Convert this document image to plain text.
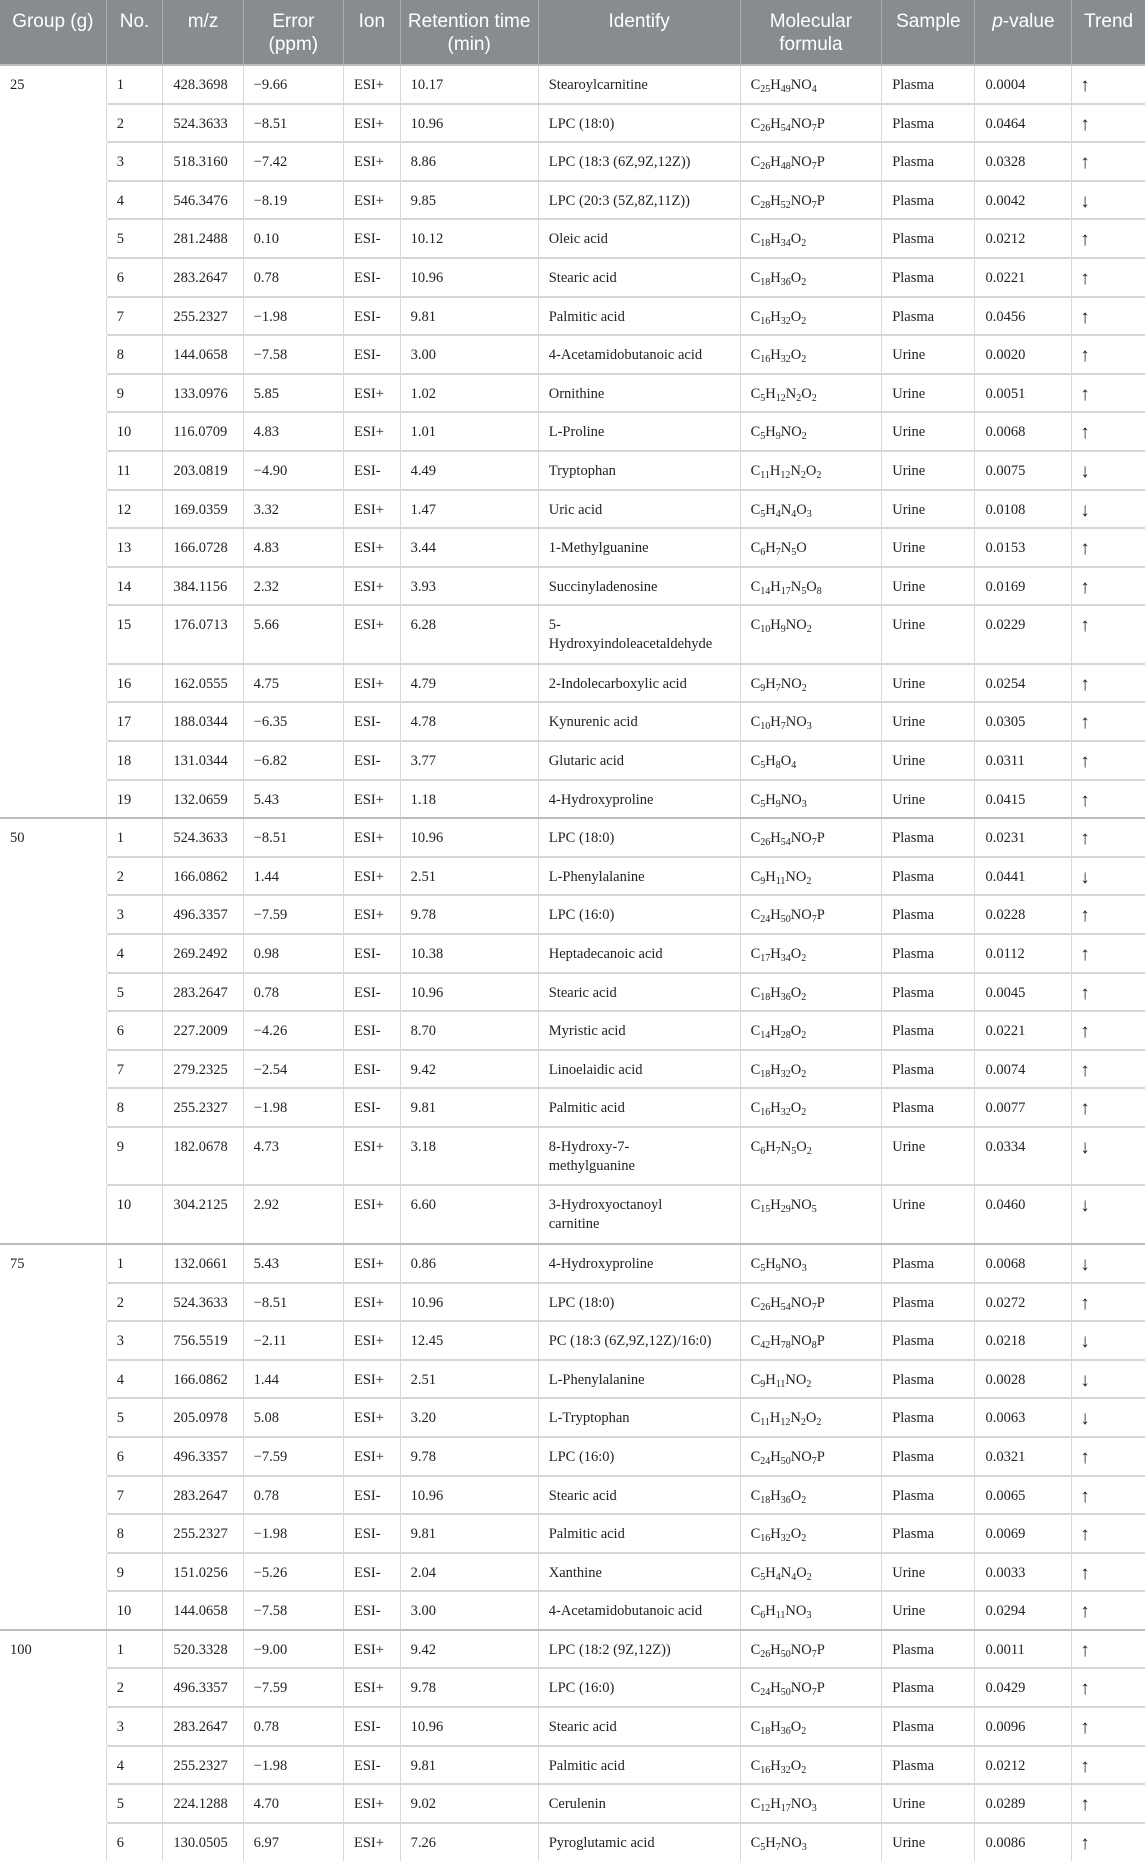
Group (g)	No.	m/z	Error (ppm)	Ion	Retention time (min)	Identify	Molecular formula	Sample	p-value	Trend
25	1	428.3698	−9.66	ESI+	10.17	Stearoylcarnitine	$C_{25}H_{49}NO_4$	Plasma	0.0004	↑
	2	524.3633	−8.51	ESI+	10.96	LPC (18:0)	$C_{26}H_{54}NO_7P$	Plasma	0.0464	↑
	3	518.3160	−7.42	ESI+	8.86	LPC (18:3 (6Z,9Z,12Z))	$C_{26}H_{48}NO_7P$	Plasma	0.0328	↑
	4	546.3476	−8.19	ESI+	9.85	LPC (20:3 (5Z,8Z,11Z))	$C_{28}H_{52}NO_7P$	Plasma	0.0042	↓
	5	281.2488	0.10	ESI-	10.12	Oleic acid	$C_{18}H_{34}O_2$	Plasma	0.0212	↑
	6	283.2647	0.78	ESI-	10.96	Stearic acid	$C_{18}H_{36}O_2$	Plasma	0.0221	↑
	7	255.2327	−1.98	ESI-	9.81	Palmitic acid	$C_{16}H_{32}O_2$	Plasma	0.0456	↑
	8	144.0658	−7.58	ESI-	3.00	4-Acetamidobutanoic acid	$C_{16}H_{32}O_2$	Urine	0.0020	↑
	9	133.0976	5.85	ESI+	1.02	Ornithine	$C_5H_{12}N_2O_2$	Urine	0.0051	↑
	10	116.0709	4.83	ESI+	1.01	L-Proline	$C_5H_9NO_2$	Urine	0.0068	↑
	11	203.0819	−4.90	ESI-	4.49	Tryptophan	$C_{11}H_{12}N_2O_2$	Urine	0.0075	↓
	12	169.0359	3.32	ESI+	1.47	Uric acid	$C_5H_4N_4O_3$	Urine	0.0108	↓
	13	166.0728	4.83	ESI+	3.44	1-Methylguanine	$C_6H_7N_5O$	Urine	0.0153	↑
	14	384.1156	2.32	ESI+	3.93	Succinyladenosine	$C_{14}H_{17}N_5O_8$	Urine	0.0169	↑
	15	176.0713	5.66	ESI+	6.28	5-
Hydroxyindoleacetaldehyde	$C_{10}H_9NO_2$	Urine	0.0229	↑
	16	162.0555	4.75	ESI+	4.79	2-Indolecarboxylic acid	$C_9H_7NO_2$	Urine	0.0254	↑
	17	188.0344	−6.35	ESI-	4.78	Kynurenic acid	$C_{10}H_7NO_3$	Urine	0.0305	↑
	18	131.0344	−6.82	ESI-	3.77	Glutaric acid	$C_5H_8O_4$	Urine	0.0311	↑
	19	132.0659	5.43	ESI+	1.18	4-Hydroxyproline	$C_5H_9NO_3$	Urine	0.0415	↑
50	1	524.3633	−8.51	ESI+	10.96	LPC (18:0)	$C_{26}H_{54}NO_7P$	Plasma	0.0231	↑
	2	166.0862	1.44	ESI+	2.51	L-Phenylalanine	$C_9H_{11}NO_2$	Plasma	0.0441	↓
	3	496.3357	−7.59	ESI+	9.78	LPC (16:0)	$C_{24}H_{50}NO_7P$	Plasma	0.0228	↑
	4	269.2492	0.98	ESI-	10.38	Heptadecanoic acid	$C_{17}H_{34}O_2$	Plasma	0.0112	↑
	5	283.2647	0.78	ESI-	10.96	Stearic acid	$C_{18}H_{36}O_2$	Plasma	0.0045	↑
	6	227.2009	−4.26	ESI-	8.70	Myristic acid	$C_{14}H_{28}O_2$	Plasma	0.0221	↑
	7	279.2325	−2.54	ESI-	9.42	Linoelaidic acid	$C_{18}H_{32}O_2$	Plasma	0.0074	↑
	8	255.2327	−1.98	ESI-	9.81	Palmitic acid	$C_{16}H_{32}O_2$	Plasma	0.0077	↑
	9	182.0678	4.73	ESI+	3.18	8-Hydroxy-7-
methylguanine	$C_6H_7N_5O_2$	Urine	0.0334	↓
	10	304.2125	2.92	ESI+	6.60	3-Hydroxyoctanoyl
carnitine	$C_{15}H_{29}NO_5$	Urine	0.0460	↓
75	1	132.0661	5.43	ESI+	0.86	4-Hydroxyproline	$C_5H_9NO_3$	Plasma	0.0068	↓
	2	524.3633	−8.51	ESI+	10.96	LPC (18:0)	$C_{26}H_{54}NO_7P$	Plasma	0.0272	↑
	3	756.5519	−2.11	ESI+	12.45	PC (18:3 (6Z,9Z,12Z)/16:0)	$C_{42}H_{78}NO_8P$	Plasma	0.0218	↓
	4	166.0862	1.44	ESI+	2.51	L-Phenylalanine	$C_9H_{11}NO_2$	Plasma	0.0028	↓
	5	205.0978	5.08	ESI+	3.20	L-Tryptophan	$C_{11}H_{12}N_2O_2$	Plasma	0.0063	↓
	6	496.3357	−7.59	ESI+	9.78	LPC (16:0)	$C_{24}H_{50}NO_7P$	Plasma	0.0321	↑
	7	283.2647	0.78	ESI-	10.96	Stearic acid	$C_{18}H_{36}O_2$	Plasma	0.0065	↑
	8	255.2327	−1.98	ESI-	9.81	Palmitic acid	$C_{16}H_{32}O_2$	Plasma	0.0069	↑
	9	151.0256	−5.26	ESI-	2.04	Xanthine	$C_5H_4N_4O_2$	Urine	0.0033	↑
	10	144.0658	−7.58	ESI-	3.00	4-Acetamidobutanoic acid	$C_6H_{11}NO_3$	Urine	0.0294	↑
100	1	520.3328	−9.00	ESI+	9.42	LPC (18:2 (9Z,12Z))	$C_{26}H_{50}NO_7P$	Plasma	0.0011	↑
	2	496.3357	−7.59	ESI+	9.78	LPC (16:0)	$C_{24}H_{50}NO_7P$	Plasma	0.0429	↑
	3	283.2647	0.78	ESI-	10.96	Stearic acid	$C_{18}H_{36}O_2$	Plasma	0.0096	↑
	4	255.2327	−1.98	ESI-	9.81	Palmitic acid	$C_{16}H_{32}O_2$	Plasma	0.0212	↑
	5	224.1288	4.70	ESI+	9.02	Cerulenin	$C_{12}H_{17}NO_3$	Urine	0.0289	↑
	6	130.0505	6.97	ESI+	7.26	Pyroglutamic acid	$C_5H_7NO_3$	Urine	0.0086	↑
